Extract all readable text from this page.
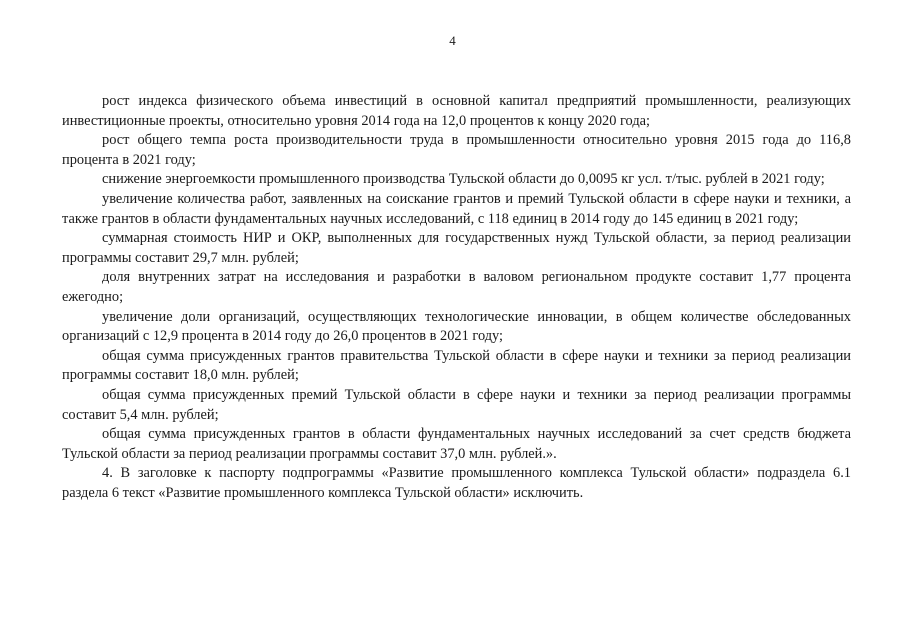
4

рост индекса физического объема инвестиций в основной капитал предприятий промышленности, реализующих инвестиционные проекты, относительно уровня 2014 года на 12,0 процентов к концу 2020 года;

рост общего темпа роста производительности труда в промышленности относительно уровня 2015 года до 116,8 процента в 2021 году;

снижение энергоемкости промышленного производства Тульской области до 0,0095 кг усл. т/тыс. рублей в 2021 году;

увеличение количества работ, заявленных на соискание грантов и премий Тульской области в сфере науки и техники, а также грантов в области фундаментальных научных исследований, с 118 единиц в 2014 году до 145 единиц в 2021 году;

суммарная стоимость НИР и ОКР, выполненных для государственных нужд Тульской области, за период реализации программы составит 29,7 млн. рублей;

доля внутренних затрат на исследования и разработки в валовом региональном продукте составит 1,77 процента ежегодно;

увеличение доли организаций, осуществляющих технологические инновации, в общем количестве обследованных организаций с 12,9 процента в 2014 году до 26,0 процентов в 2021 году;

общая сумма присужденных грантов правительства Тульской области в сфере науки и техники за период реализации программы составит 18,0 млн. рублей;

общая сумма присужденных премий Тульской области в сфере науки и техники за период реализации программы составит 5,4 млн. рублей;

общая сумма присужденных грантов в области фундаментальных научных исследований за счет средств бюджета Тульской области за период реализации программы составит 37,0 млн. рублей.».

4. В заголовке к паспорту подпрограммы «Развитие промышленного комплекса Тульской области» подраздела 6.1 раздела 6 текст «Развитие промышленного комплекса Тульской области» исключить.
